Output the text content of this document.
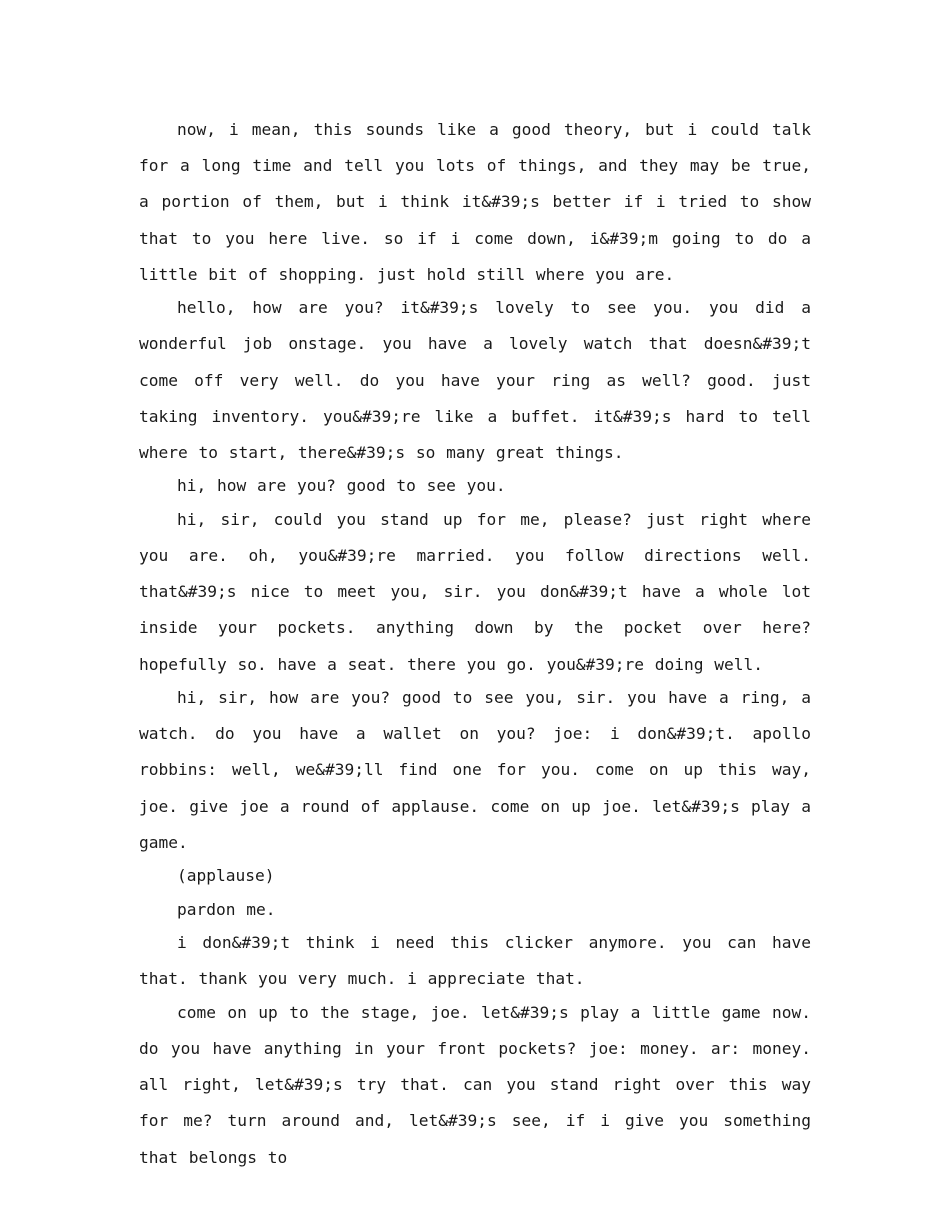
now, i mean, this sounds like a good theory, but i could talk for a long time and tell you lots of things, and they may be true, a portion of them, but i think it&#39;s better if i tried to show that to you here live. so if i come down, i&#39;m going to do a little bit of shopping. just hold still where you are.

hello, how are you? it&#39;s lovely to see you. you did a wonderful job onstage. you have a lovely watch that doesn&#39;t come off very well. do you have your ring as well? good. just taking inventory. you&#39;re like a buffet. it&#39;s hard to tell where to start, there&#39;s so many great things.

hi, how are you? good to see you.

hi, sir, could you stand up for me, please? just right where you are. oh, you&#39;re married. you follow directions well. that&#39;s nice to meet you, sir. you don&#39;t have a whole lot inside your pockets. anything down by the pocket over here? hopefully so. have a seat. there you go. you&#39;re doing well.

hi, sir, how are you? good to see you, sir. you have a ring, a watch. do you have a wallet on you? joe: i don&#39;t. apollo robbins: well, we&#39;ll find one for you. come on up this way, joe. give joe a round of applause. come on up joe. let&#39;s play a game.

(applause)

pardon me.

i don&#39;t think i need this clicker anymore. you can have that. thank you very much. i appreciate that.

come on up to the stage, joe. let&#39;s play a little game now. do you have anything in your front pockets? joe: money. ar: money. all right, let&#39;s try that. can you stand right over this way for me? turn around and, let&#39;s see, if i give you something that belongs to
